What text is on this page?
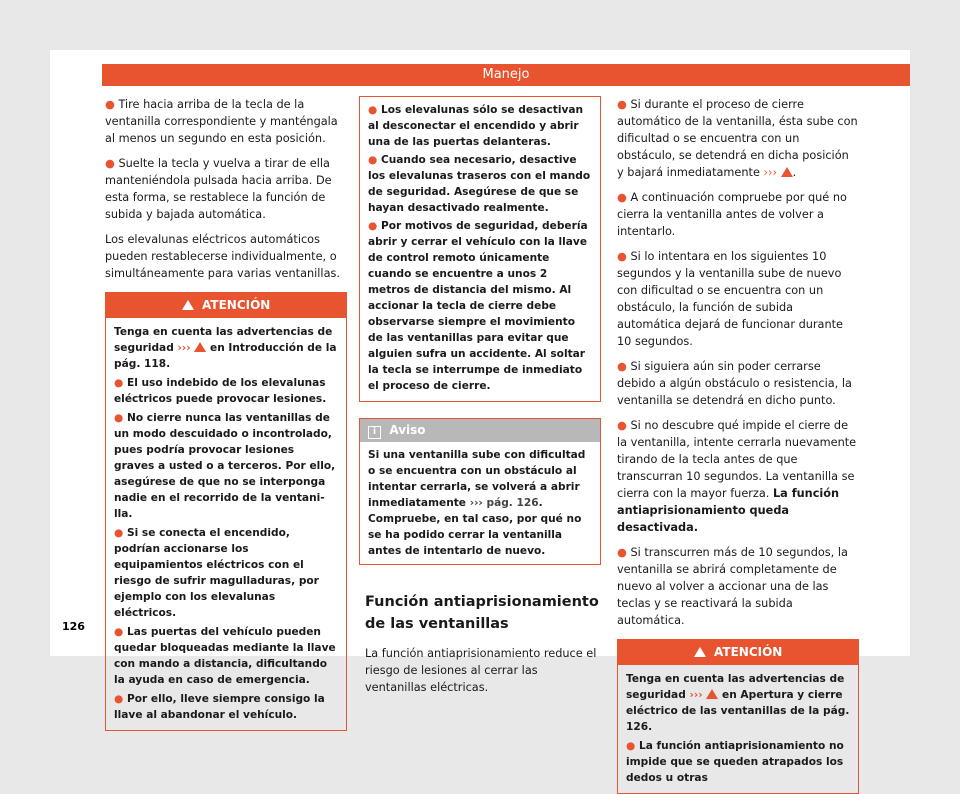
Manejo

● Tire hacia arriba de la tecla de la ventanilla correspondiente y manténgala al menos un segundo en esta posición.

● Suelte la tecla y vuelva a tirar de ella manteniéndola pulsada hacia arriba. De esta forma, se restablece la función de subida y bajada automática.

Los elevalunas eléctricos automáticos pueden restablecerse individualmente, o simultáneamente para varias ventanillas.

ATENCIÓN

Tenga en cuenta las advertencias de seguridad ››› en Introducción de la pág. 118.

● El uso indebido de los elevalunas eléctricos puede provocar lesiones.

● No cierre nunca las ventanillas de un modo descuidado o incontrolado, pues podría provocar lesiones graves a usted o a terceros. Por ello, asegúrese de que no se interponga nadie en el recorrido de la ventanilla.

● Si se conecta el encendido, podrían accionarse los equipamientos eléctricos con el riesgo de sufrir magulladuras, por ejemplo con los elevalunas eléctricos.

● Las puertas del vehículo pueden quedar bloqueadas mediante la llave con mando a distancia, dificultando la ayuda en caso de emergencia.

● Por ello, lleve siempre consigo la llave al abandonar el vehículo.

● Los elevalunas sólo se desactivan al desconectar el encendido y abrir una de las puertas delanteras.

● Cuando sea necesario, desactive los elevalunas traseros con el mando de seguridad. Asegúrese de que se hayan desactivado realmente.

● Por motivos de seguridad, debería abrir y cerrar el vehículo con la llave de control remoto únicamente cuando se encuentre a unos 2 metros de distancia del mismo. Al accionar la tecla de cierre debe observarse siempre el movimiento de las ventanillas para evitar que alguien sufra un accidente. Al soltar la tecla se interrumpe de inmediato el proceso de cierre.

i Aviso
Si una ventanilla sube con dificultad o se encuentra con un obstáculo al intentar cerrarla, se volverá a abrir inmediatamente ››› pág. 126. Compruebe, en tal caso, por qué no se ha podido cerrar la ventanilla antes de intentarlo de nuevo.
Función antiaprisionamiento de las ventanillas

La función antiaprisionamiento reduce el riesgo de lesiones al cerrar las ventanillas eléctricas.

● Si durante el proceso de cierre automático de la ventanilla, ésta sube con dificultad o se encuentra con un obstáculo, se detendrá en dicha posición y bajará inmediatamente ››› .

● A continuación compruebe por qué no cierra la ventanilla antes de volver a intentarlo.

● Si lo intentara en los siguientes 10 segundos y la ventanilla sube de nuevo con dificultad o se encuentra con un obstáculo, la función de subida automática dejará de funcionar durante 10 segundos.

● Si siguiera aún sin poder cerrarse debido a algún obstáculo o resistencia, la ventanilla se detendrá en dicho punto.

● Si no descubre qué impide el cierre de la ventanilla, intente cerrarla nuevamente tirando de la tecla antes de que transcurran 10 segundos. La ventanilla se cierra con la mayor fuerza. La función antiaprisionamiento queda desactivada.

● Si transcurren más de 10 segundos, la ventanilla se abrirá completamente de nuevo al volver a accionar una de las teclas y se reactivará la subida automática.

ATENCIÓN

Tenga en cuenta las advertencias de seguridad ››› en Apertura y cierre eléctrico de las ventanillas de la pág. 126.

● La función antiaprisionamiento no impide que se queden atrapados los dedos u otras

126
